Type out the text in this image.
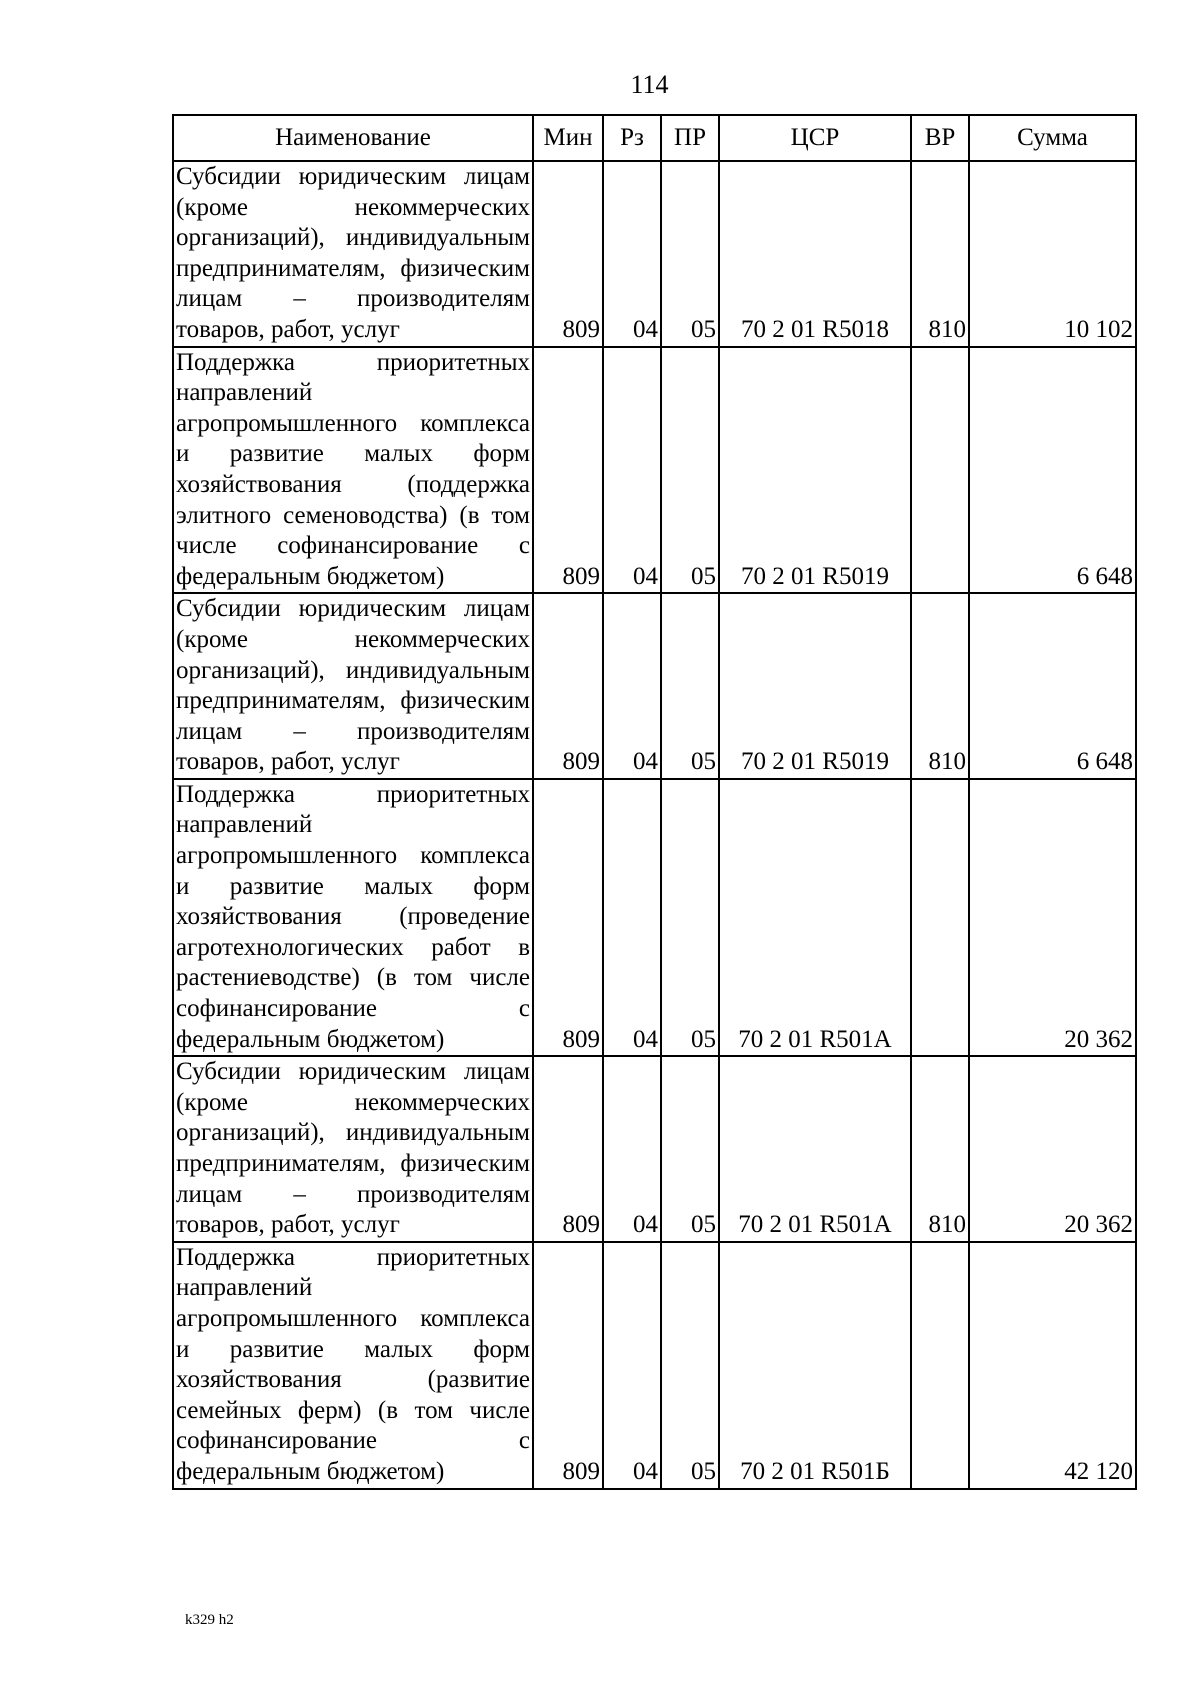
114
Наименование	Мин	Рз	ПР	ЦСР	ВР	Сумма
Субсидии юридическим лицам (кроме некоммерческих организаций), индивидуальным предпринимателям, физическим лицам – производителям товаров, работ, услуг	809	04	05	70 2 01 R5018	810	10 102
Поддержка приоритетных направлений агропромышленного комплекса и развитие малых форм хозяйствования (поддержка элитного семеноводства) (в том числе софинансирование с федеральным бюджетом)	809	04	05	70 2 01 R5019		6 648
Субсидии юридическим лицам (кроме некоммерческих организаций), индивидуальным предпринимателям, физическим лицам – производителям товаров, работ, услуг	809	04	05	70 2 01 R5019	810	6 648
Поддержка приоритетных направлений агропромышленного комплекса и развитие малых форм хозяйствования (проведение агротехнологических работ в растениеводстве) (в том числе софинансирование с федеральным бюджетом)	809	04	05	70 2 01 R501А		20 362
Субсидии юридическим лицам (кроме некоммерческих организаций), индивидуальным предпринимателям, физическим лицам – производителям товаров, работ, услуг	809	04	05	70 2 01 R501А	810	20 362
Поддержка приоритетных направлений агропромышленного комплекса и развитие малых форм хозяйствования (развитие семейных ферм) (в том числе софинансирование с федеральным бюджетом)	809	04	05	70 2 01 R501Б		42 120
k329 h2
